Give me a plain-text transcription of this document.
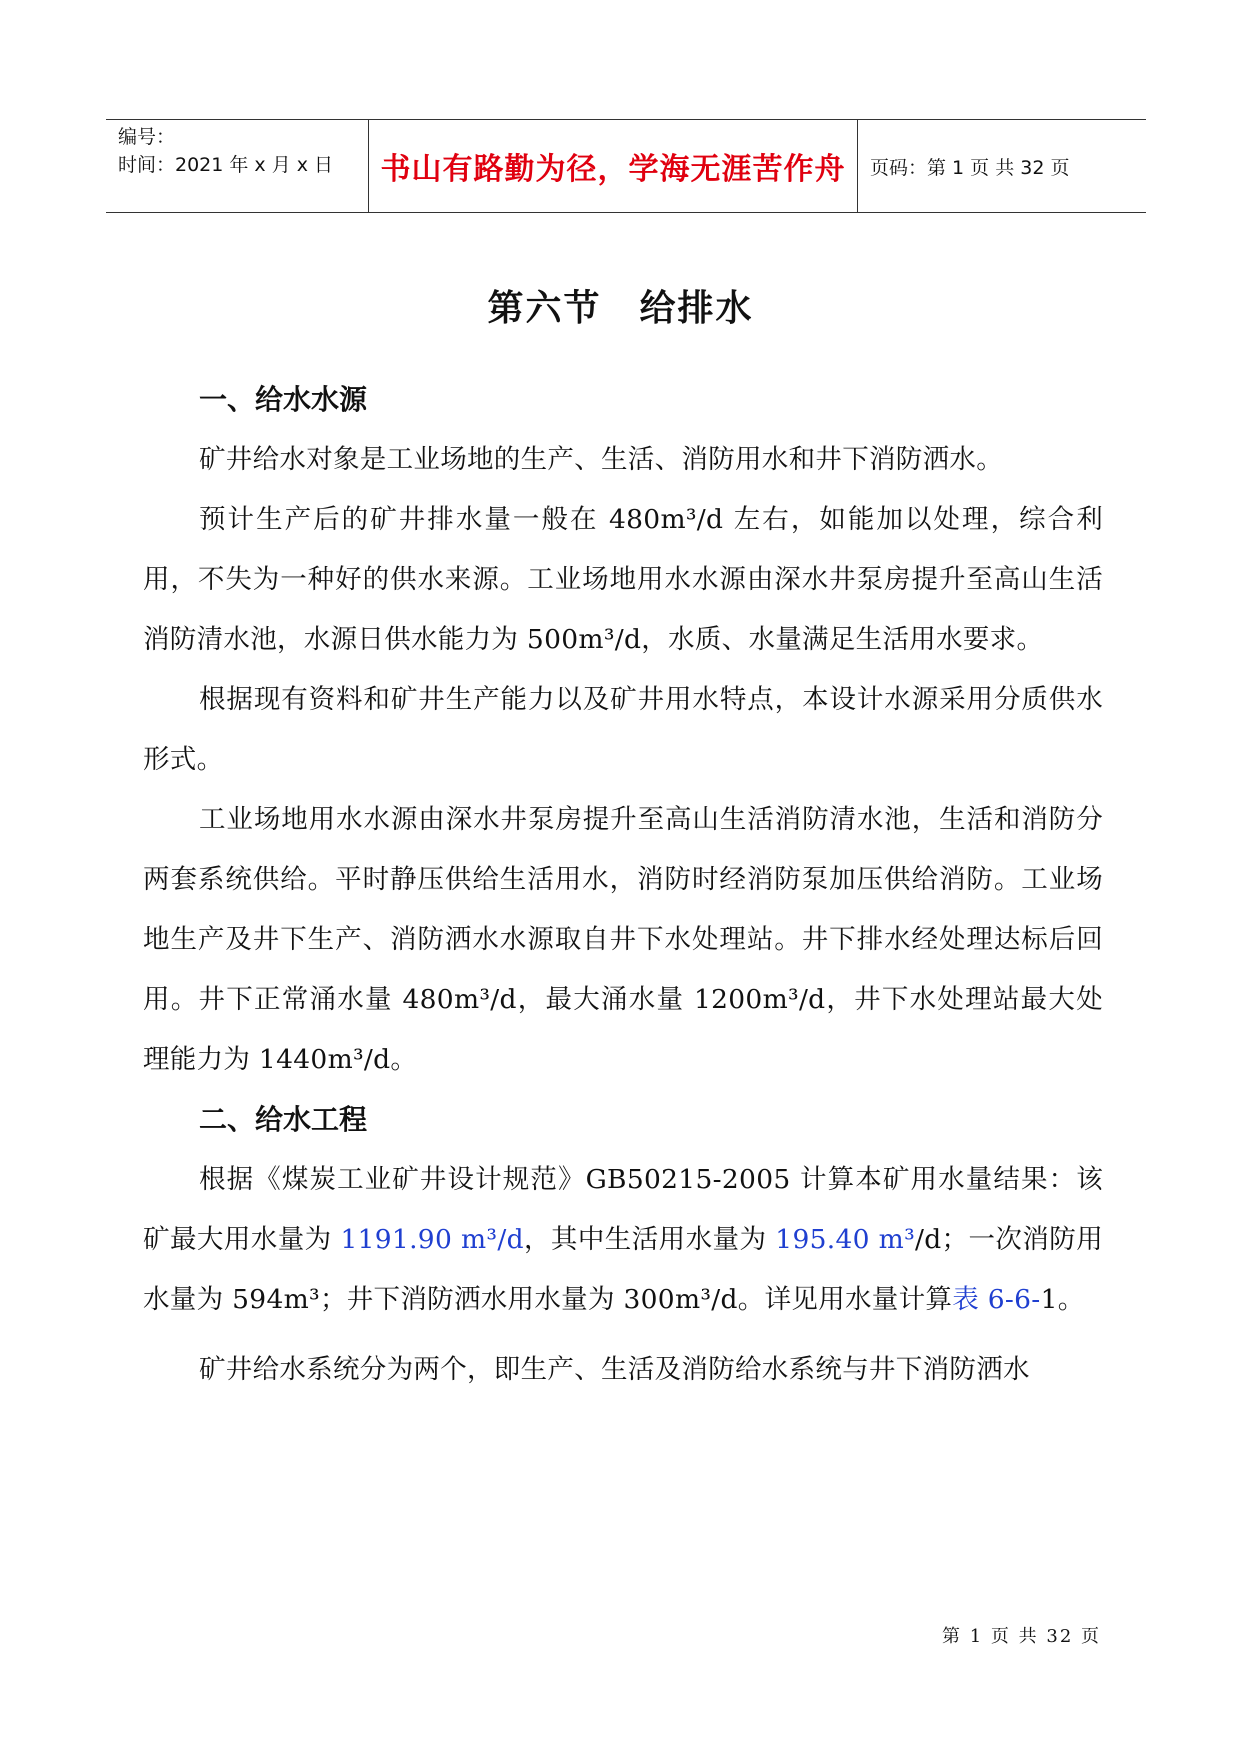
编号：
时间：2021 年 x 月 x 日	书山有路勤为径，学海无涯苦作舟	页码：第 1 页 共 32 页
第六节　给排水
一、给水水源
矿井给水对象是工业场地的生产、生活、消防用水和井下消防洒水。
预计生产后的矿井排水量一般在 480m³/d 左右，如能加以处理，综合利用，不失为一种好的供水来源。工业场地用水水源由深水井泵房提升至高山生活消防清水池，水源日供水能力为 500m³/d，水质、水量满足生活用水要求。
根据现有资料和矿井生产能力以及矿井用水特点，本设计水源采用分质供水形式。
工业场地用水水源由深水井泵房提升至高山生活消防清水池，生活和消防分两套系统供给。平时静压供给生活用水，消防时经消防泵加压供给消防。工业场地生产及井下生产、消防洒水水源取自井下水处理站。井下排水经处理达标后回用。井下正常涌水量 480m³/d，最大涌水量 1200m³/d，井下水处理站最大处理能力为 1440m³/d。
二、给水工程
根据《煤炭工业矿井设计规范》GB50215-2005 计算本矿用水量结果：该矿最大用水量为 1191.90 m³/d，其中生活用水量为 195.40 m³/d；一次消防用水量为 594m³；井下消防洒水用水量为 300m³/d。详见用水量计算表 6-6-1。
矿井给水系统分为两个，即生产、生活及消防给水系统与井下消防洒水
第 1 页 共 32 页
